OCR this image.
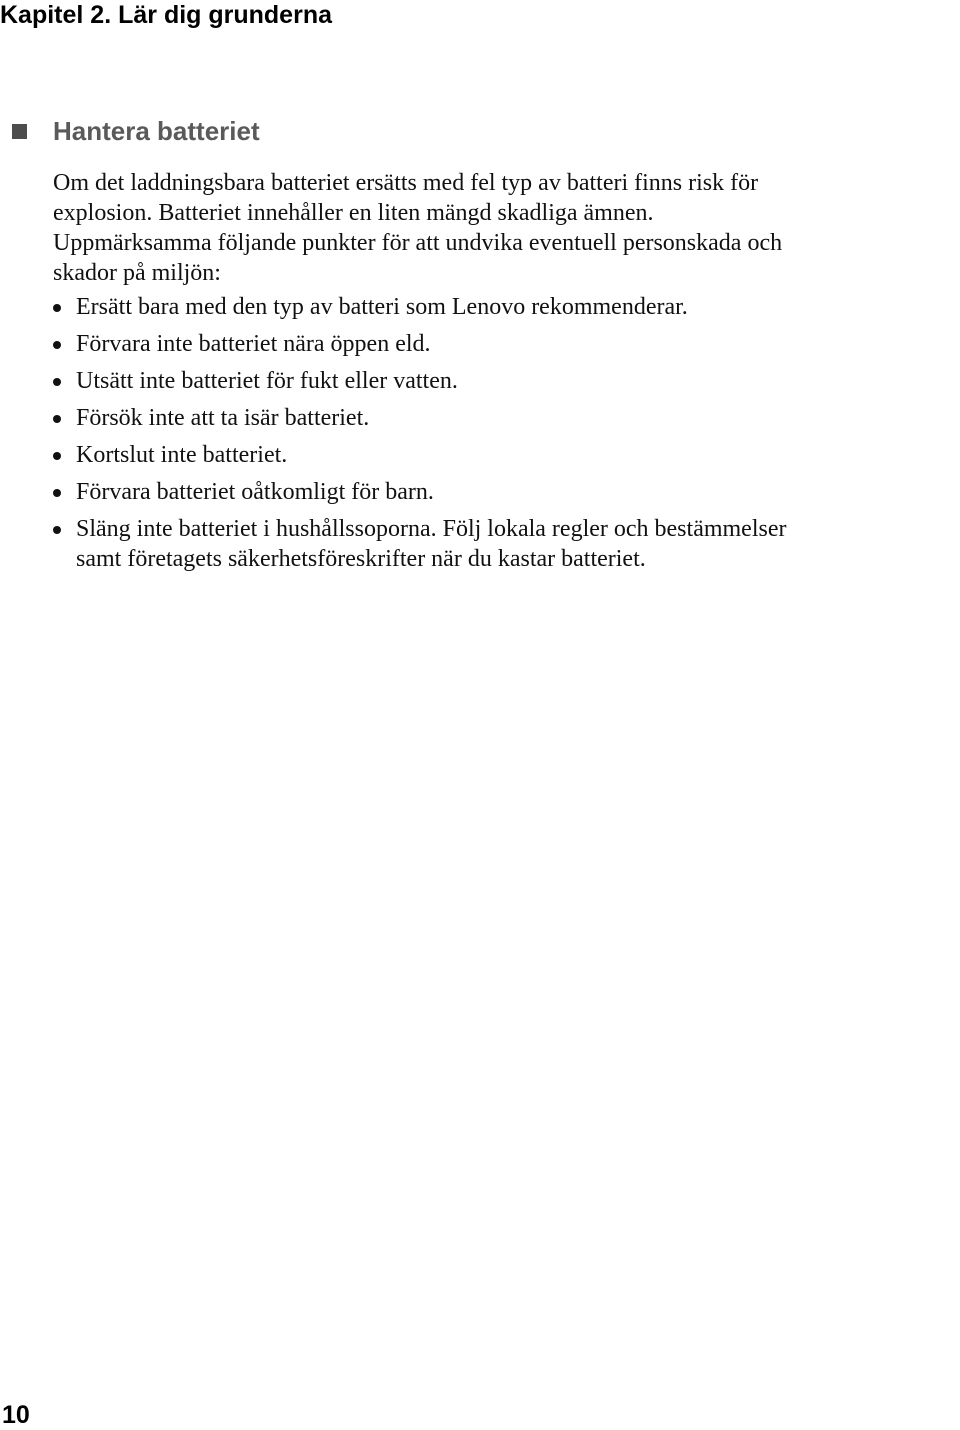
Kapitel 2. Lär dig grunderna
Hantera batteriet

Om det laddningsbara batteriet ersätts med fel typ av batteri finns risk för
explosion. Batteriet innehåller en liten mängd skadliga ämnen.
Uppmärksamma följande punkter för att undvika eventuell personskada och
skador på miljön:

Ersätt bara med den typ av batteri som Lenovo rekommenderar.
Förvara inte batteriet nära öppen eld.
Utsätt inte batteriet för fukt eller vatten.
Försök inte att ta isär batteriet.
Kortslut inte batteriet.
Förvara batteriet oåtkomligt för barn.
Släng inte batteriet i hushållssoporna. Följ lokala regler och bestämmelser
samt företagets säkerhetsföreskrifter när du kastar batteriet.
10
